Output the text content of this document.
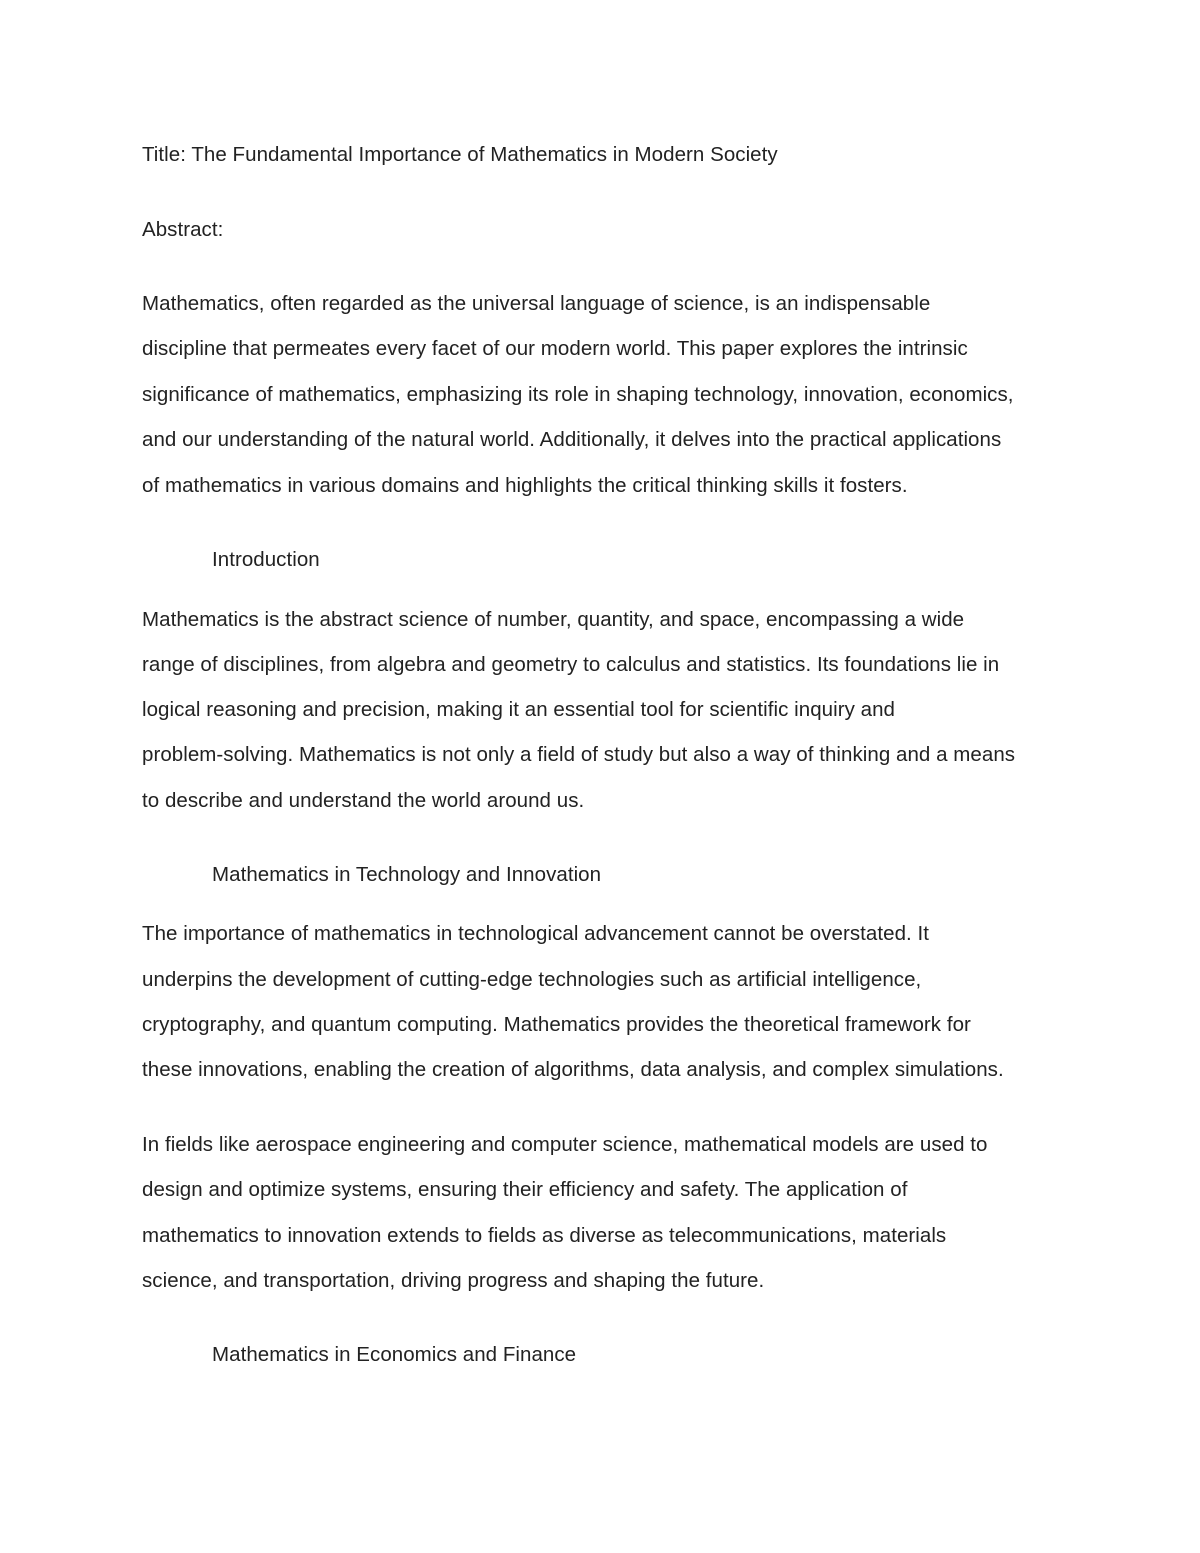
Title: The Fundamental Importance of Mathematics in Modern Society
Abstract:
Mathematics, often regarded as the universal language of science, is an indispensable
discipline that permeates every facet of our modern world. This paper explores the intrinsic
significance of mathematics, emphasizing its role in shaping technology, innovation, economics,
and our understanding of the natural world. Additionally, it delves into the practical applications
of mathematics in various domains and highlights the critical thinking skills it fosters.
Introduction
Mathematics is the abstract science of number, quantity, and space, encompassing a wide
range of disciplines, from algebra and geometry to calculus and statistics. Its foundations lie in
logical reasoning and precision, making it an essential tool for scientific inquiry and
problem-solving. Mathematics is not only a field of study but also a way of thinking and a means
to describe and understand the world around us.
Mathematics in Technology and Innovation
The importance of mathematics in technological advancement cannot be overstated. It
underpins the development of cutting-edge technologies such as artificial intelligence,
cryptography, and quantum computing. Mathematics provides the theoretical framework for
these innovations, enabling the creation of algorithms, data analysis, and complex simulations.
In fields like aerospace engineering and computer science, mathematical models are used to
design and optimize systems, ensuring their efficiency and safety. The application of
mathematics to innovation extends to fields as diverse as telecommunications, materials
science, and transportation, driving progress and shaping the future.
Mathematics in Economics and Finance
